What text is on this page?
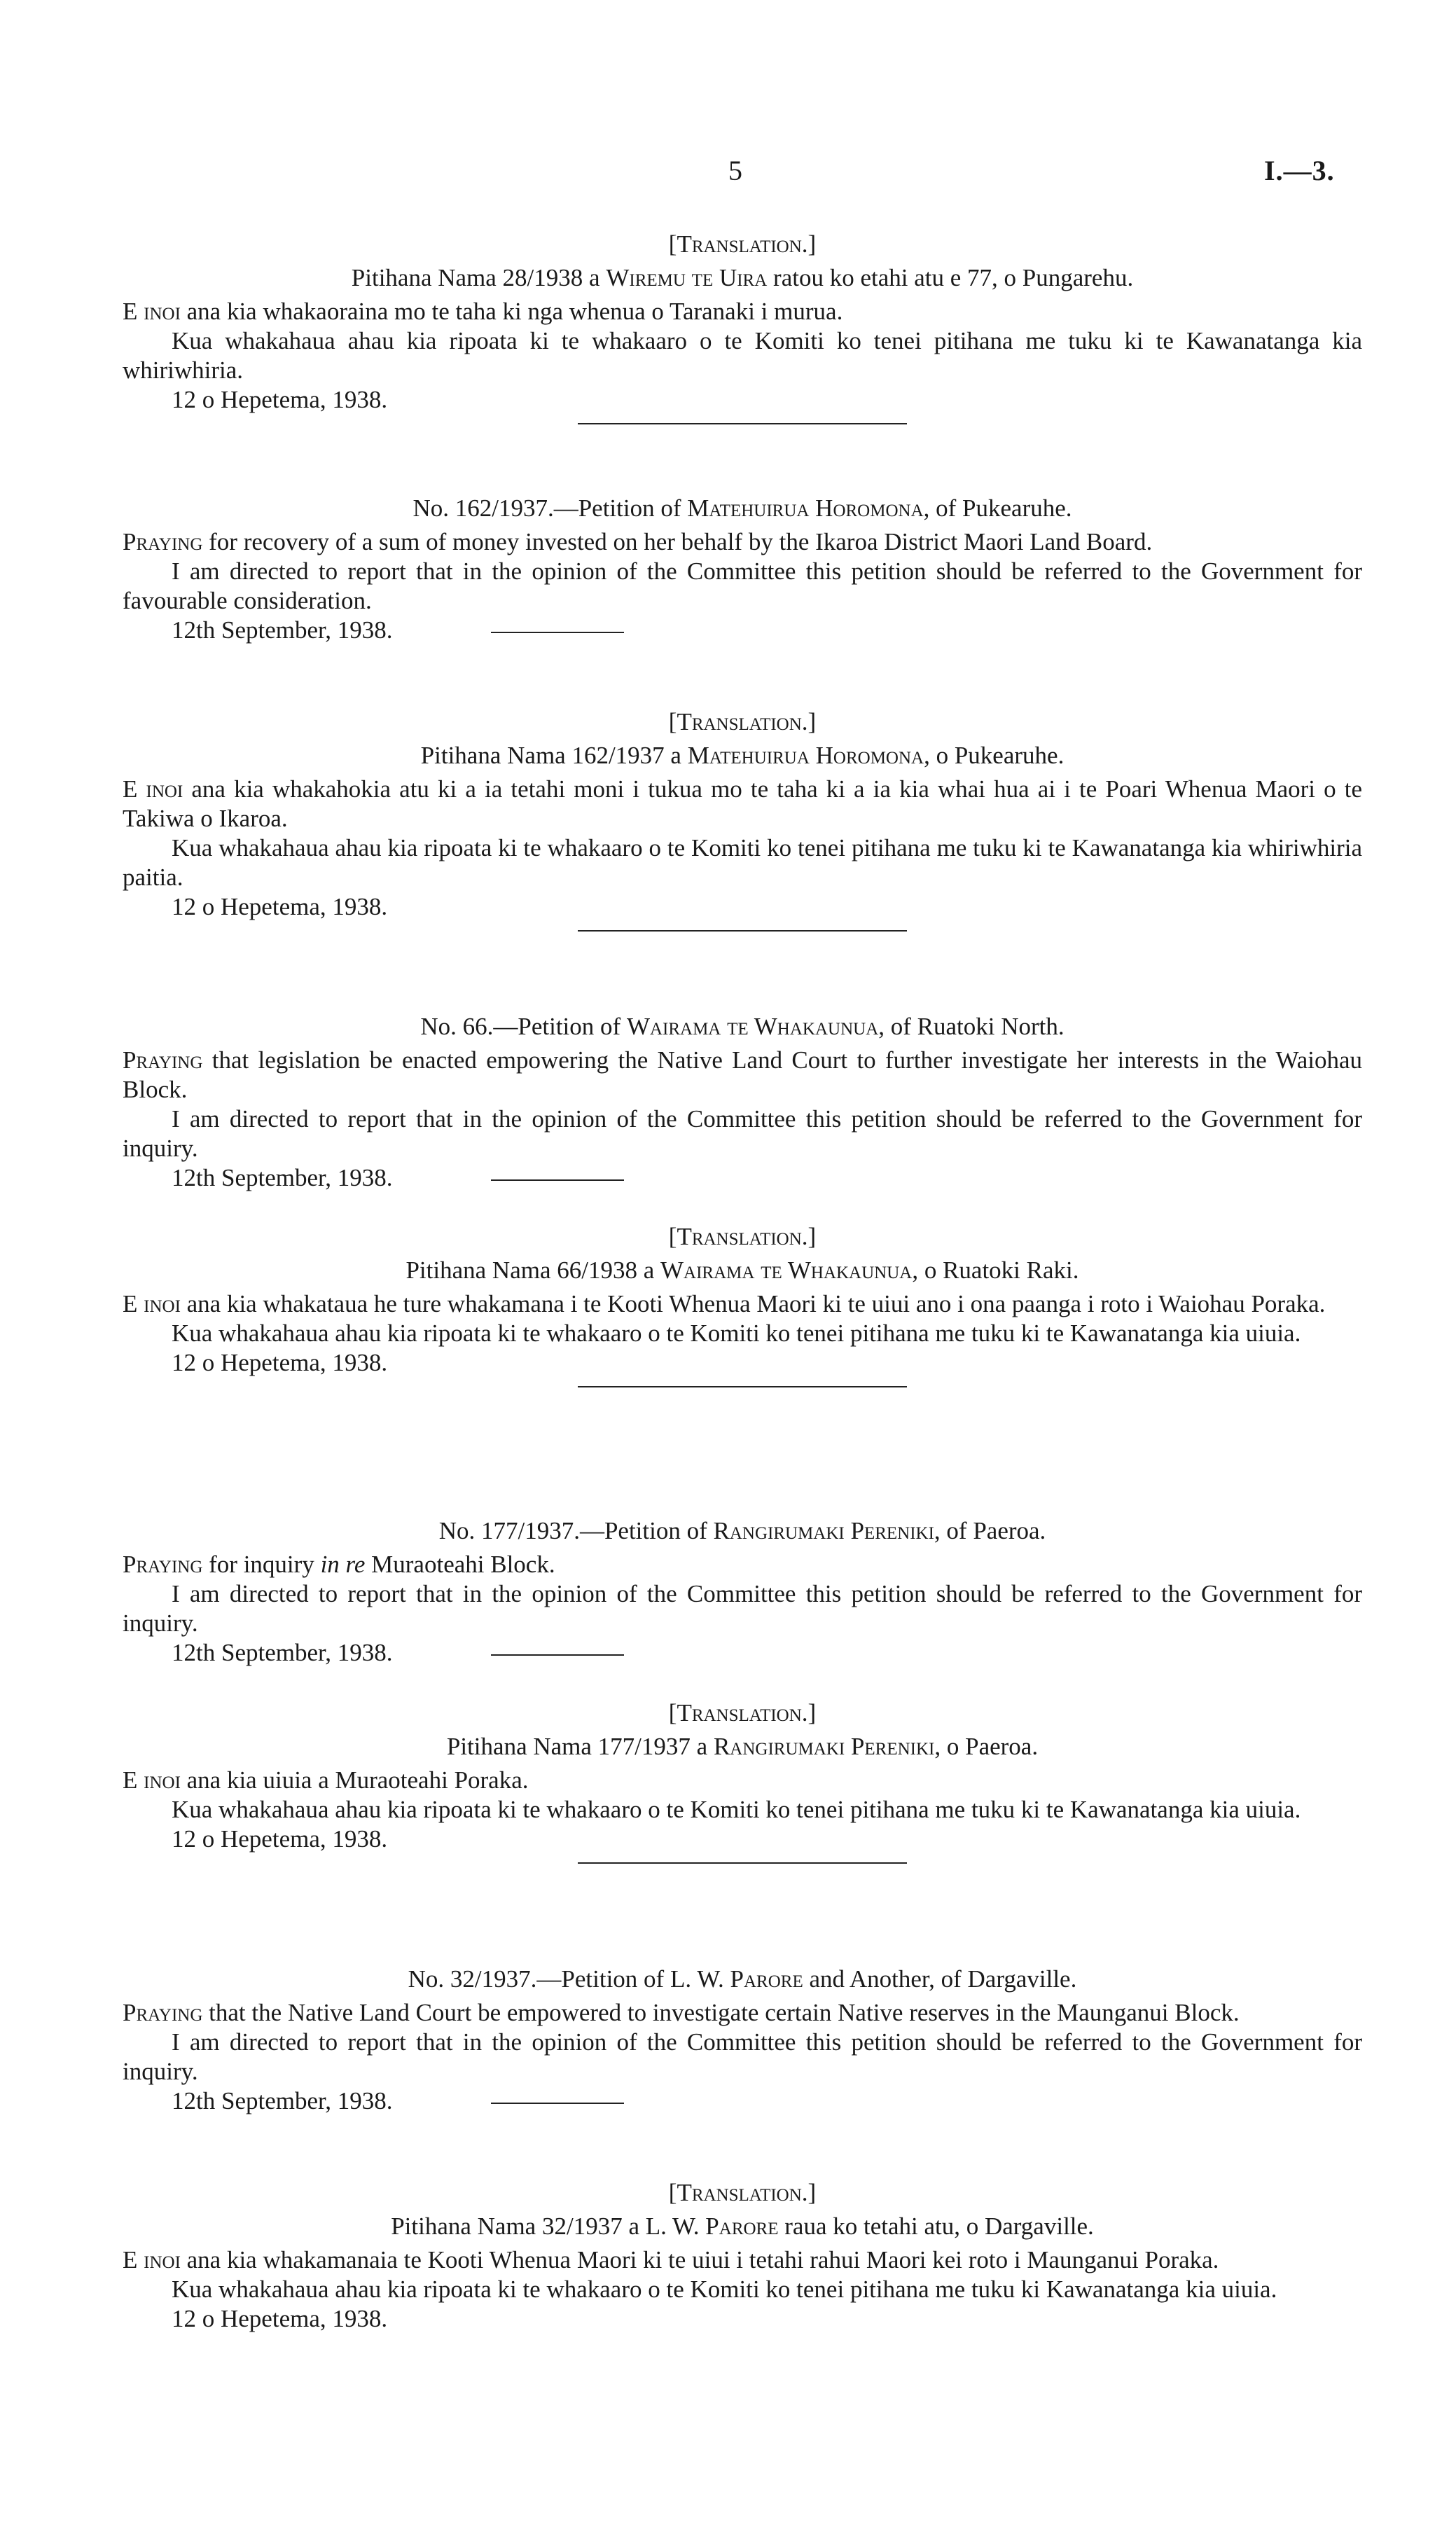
5	I.—3.
[Translation.]
Pitihana Nama 28/1938 a Wiremu te Uira ratou ko etahi atu e 77, o Pungarehu.
E inoi ana kia whakaoraina mo te taha ki nga whenua o Taranaki i murua.
Kua whakahaua ahau kia ripoata ki te whakaaro o te Komiti ko tenei pitihana me tuku ki te Kawanatanga kia whiriwhiria.
12 o Hepetema, 1938.
No. 162/1937.—Petition of Matehuirua Horomona, of Pukearuhe.
Praying for recovery of a sum of money invested on her behalf by the Ikaroa District Maori Land Board.
I am directed to report that in the opinion of the Committee this petition should be referred to the Government for favourable consideration.
12th September, 1938.
[Translation.]
Pitihana Nama 162/1937 a Matehuirua Horomona, o Pukearuhe.
E inoi ana kia whakahokia atu ki a ia tetahi moni i tukua mo te taha ki a ia kia whai hua ai i te Poari Whenua Maori o te Takiwa o Ikaroa.
Kua whakahaua ahau kia ripoata ki te whakaaro o te Komiti ko tenei pitihana me tuku ki te Kawanatanga kia whiriwhiria paitia.
12 o Hepetema, 1938.
No. 66.—Petition of Wairama te Whakaunua, of Ruatoki North.
Praying that legislation be enacted empowering the Native Land Court to further investigate her interests in the Waiohau Block.
I am directed to report that in the opinion of the Committee this petition should be referred to the Government for inquiry.
12th September, 1938.
[Translation.]
Pitihana Nama 66/1938 a Wairama te Whakaunua, o Ruatoki Raki.
E inoi ana kia whakataua he ture whakamana i te Kooti Whenua Maori ki te uiui ano i ona paanga i roto i Waiohau Poraka.
Kua whakahaua ahau kia ripoata ki te whakaaro o te Komiti ko tenei pitihana me tuku ki te Kawanatanga kia uiuia.
12 o Hepetema, 1938.
No. 177/1937.—Petition of Rangirumaki Pereniki, of Paeroa.
Praying for inquiry in re Muraoteahi Block.
I am directed to report that in the opinion of the Committee this petition should be referred to the Government for inquiry.
12th September, 1938.
[Translation.]
Pitihana Nama 177/1937 a Rangirumaki Pereniki, o Paeroa.
E inoi ana kia uiuia a Muraoteahi Poraka.
Kua whakahaua ahau kia ripoata ki te whakaaro o te Komiti ko tenei pitihana me tuku ki te Kawanatanga kia uiuia.
12 o Hepetema, 1938.
No. 32/1937.—Petition of L. W. Parore and Another, of Dargaville.
Praying that the Native Land Court be empowered to investigate certain Native reserves in the Maunganui Block.
I am directed to report that in the opinion of the Committee this petition should be referred to the Government for inquiry.
12th September, 1938.
[Translation.]
Pitihana Nama 32/1937 a L. W. Parore raua ko tetahi atu, o Dargaville.
E inoi ana kia whakamanaia te Kooti Whenua Maori ki te uiui i tetahi rahui Maori kei roto i Maunganui Poraka.
Kua whakahaua ahau kia ripoata ki te whakaaro o te Komiti ko tenei pitihana me tuku ki Kawanatanga kia uiuia.
12 o Hepetema, 1938.
